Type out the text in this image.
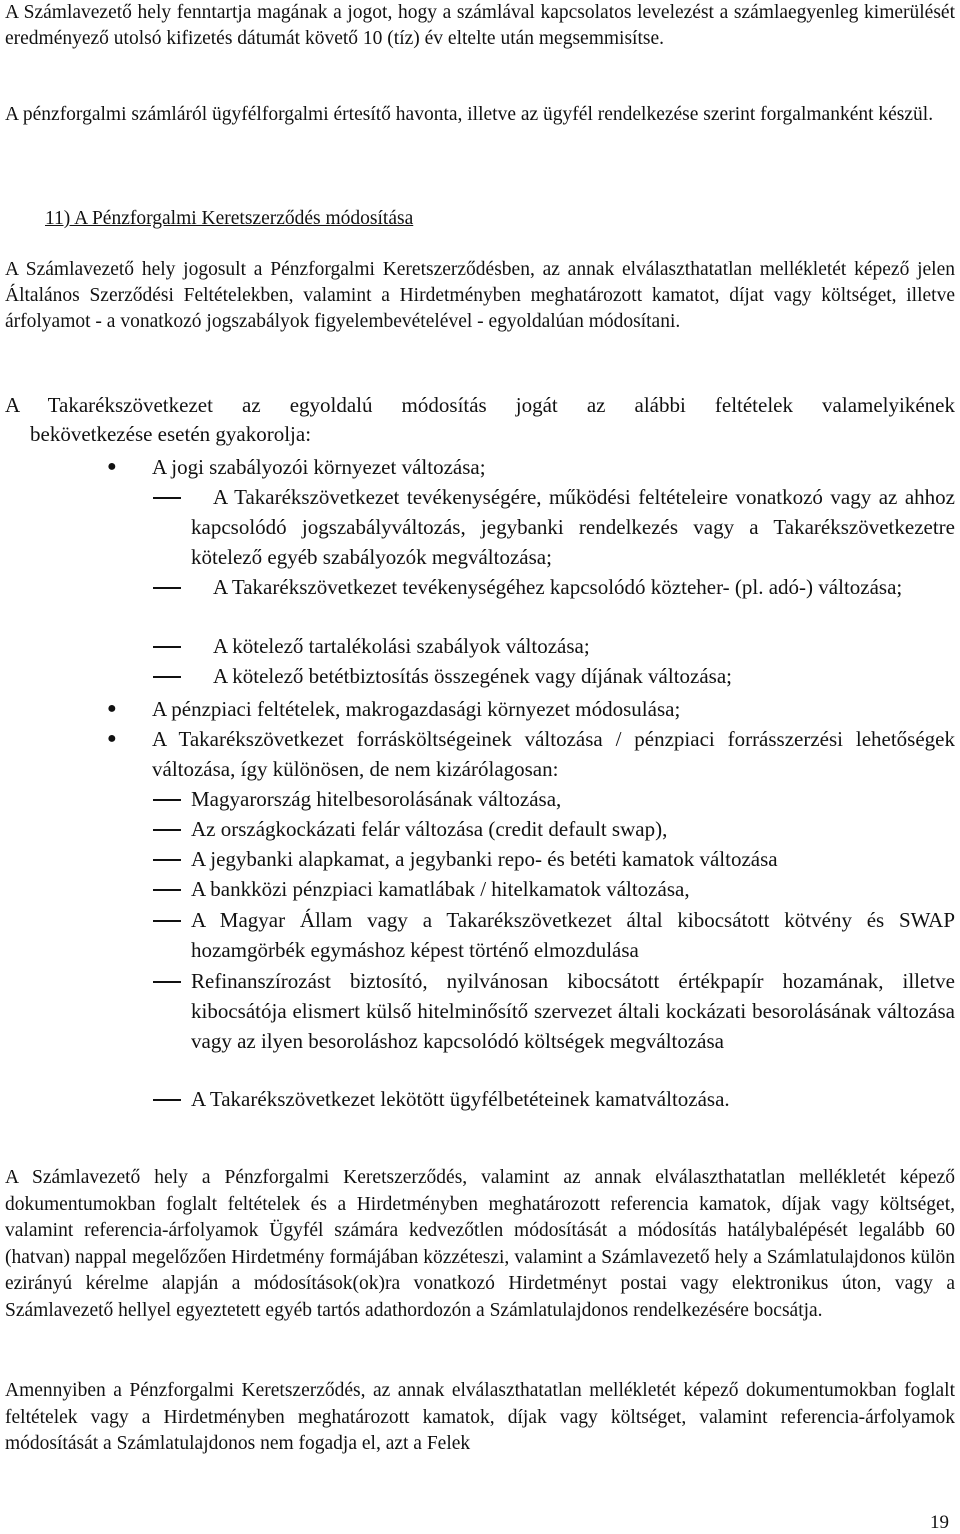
A Számlavezető hely fenntartja magának a jogot, hogy a számlával kapcsolatos levelezést a számlaegyenleg kimerülését eredményező utolsó kifizetés dátumát követő 10 (tíz) év eltelte után megsemmisítse.

A pénzforgalmi számláról ügyfélforgalmi értesítő havonta, illetve az ügyfél rendelkezése szerint forgalmanként készül.

11) A Pénzforgalmi Keretszerződés módosítása

A Számlavezető hely jogosult a Pénzforgalmi Keretszerződésben, az annak elválaszthatatlan mellékletét képező jelen Általános Szerződési Feltételekben, valamint a Hirdetményben meghatározott kamatot, díjat vagy költséget, illetve árfolyamot - a vonatkozó jogszabályok figyelembevételével - egyoldalúan módosítani.

A Takarékszövetkezet az egyoldalú módosítás jogát az alábbi feltételek valamelyikének
bekövetkezése esetén gyakorolja:

● A jogi szabályozói környezet változása;
A Takarékszövetkezet tevékenységére, működési feltételeire vonatkozó vagy az ahhoz kapcsolódó jogszabályváltozás, jegybanki rendelkezés vagy a Takarékszövetkezetre kötelező egyéb szabályozók megváltozása;
A Takarékszövetkezet tevékenységéhez kapcsolódó közteher- (pl. adó-) változása;
A kötelező tartalékolási szabályok változása;
A kötelező betétbiztosítás összegének vagy díjának változása;
● A pénzpiaci feltételek, makrogazdasági környezet módosulása;
● A Takarékszövetkezet forrásköltségeinek változása / pénzpiaci forrásszerzési lehetőségek változása, így különösen, de nem kizárólagosan:
Magyarország hitelbesorolásának változása,
Az országkockázati felár változása (credit default swap),
A jegybanki alapkamat, a jegybanki repo- és betéti kamatok változása
A bankközi pénzpiaci kamatlábak / hitelkamatok változása,
A Magyar Állam vagy a Takarékszövetkezet által kibocsátott kötvény és SWAP hozamgörbék egymáshoz képest történő elmozdulása
Refinanszírozást biztosító, nyilvánosan kibocsátott értékpapír hozamának, illetve kibocsátója elismert külső hitelminősítő szervezet általi kockázati besorolásának változása vagy az ilyen besoroláshoz kapcsolódó költségek megváltozása
A Takarékszövetkezet lekötött ügyfélbetéteinek kamatváltozása.

A Számlavezető hely a Pénzforgalmi Keretszerződés, valamint az annak elválaszthatatlan mellékletét képező dokumentumokban foglalt feltételek és a Hirdetményben meghatározott referencia kamatok, díjak vagy költséget, valamint referencia-árfolyamok Ügyfél számára kedvezőtlen módosítását a módosítás hatálybalépését legalább 60 (hatvan) nappal megelőzően Hirdetmény formájában közzéteszi, valamint a Számlavezető hely a Számlatulajdonos külön ezirányú kérelme alapján a módosítások(ok)ra vonatkozó Hirdetményt postai vagy elektronikus úton, vagy a Számlavezető hellyel egyeztetett egyéb tartós adathordozón a Számlatulajdonos rendelkezésére bocsátja.

Amennyiben a Pénzforgalmi Keretszerződés, az annak elválaszthatatlan mellékletét képező dokumentumokban foglalt feltételek vagy a Hirdetményben meghatározott kamatok, díjak vagy költséget, valamint referencia-árfolyamok módosítását a Számlatulajdonos nem fogadja el, azt a Felek

19
